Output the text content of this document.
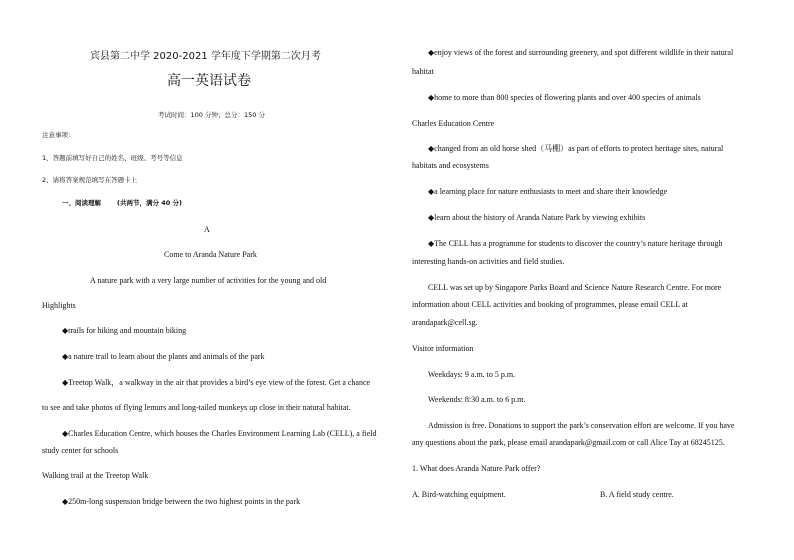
宾县第二中学 2020-2021 学年度下学期第二次月考
高一英语试卷
考试时间：100 分钟；总分：150 分
注意事项：
1、答题前填写好自己的姓名、班级、考号等信息
2、请将答案规范填写在答题卡上
一、阅读理解 (共两节，满分 40 分)
A
Come to Aranda Nature Park
A nature park with a very large number of activities for the young and old
Highlights
◆trails for hiking and mountain biking
◆a nature trail to learn about the plants and animals of the park
◆Treetop Walk，a walkway in the air that provides a bird’s eye view of the forest. Get a chance
to see and take photos of flying lemurs and long-tailed monkeys up close in their natural habitat.
◆Charles Education Centre, which houses the Charles Environment Learning Lab (CELL), a field
study center for schools
Walking trail at the Treetop Walk
◆250m-long suspension bridge between the two highest points in the park
◆enjoy views of the forest and surrounding greenery, and spot different wildlife in their natural
habitat
◆home to more than 800 species of flowering plants and over 400 species of animals
Charles Education Centre
◆changed from an old horse shed（马棚）as part of efforts to protect heritage sites, natural
habitats and ecosystems
◆a learning place for nature enthusiasts to meet and share their knowledge
◆learn about the history of Aranda Nature Park by viewing exhibits
◆The CELL has a programme for students to discover the country’s nature heritage through
interesting hands-on activities and field studies.
CELL was set up by Singapore Parks Board and Science Nature Research Centre. For more
information about CELL activities and booking of programmes, please email CELL at
arandapark@cell.sg.
Visitor information
Weekdays: 9 a.m. to 5 p.m.
Weekends: 8:30 a.m. to 6 p.m.
Admission is free. Donations to support the park’s conservation effort are welcome. If you have
any questions about the park, please email arandapark@gmail.com or call Alice Tay at 68245125.
1. What does Aranda Nature Park offer?
A. Bird-watching equipment.	B. A field study centre.
